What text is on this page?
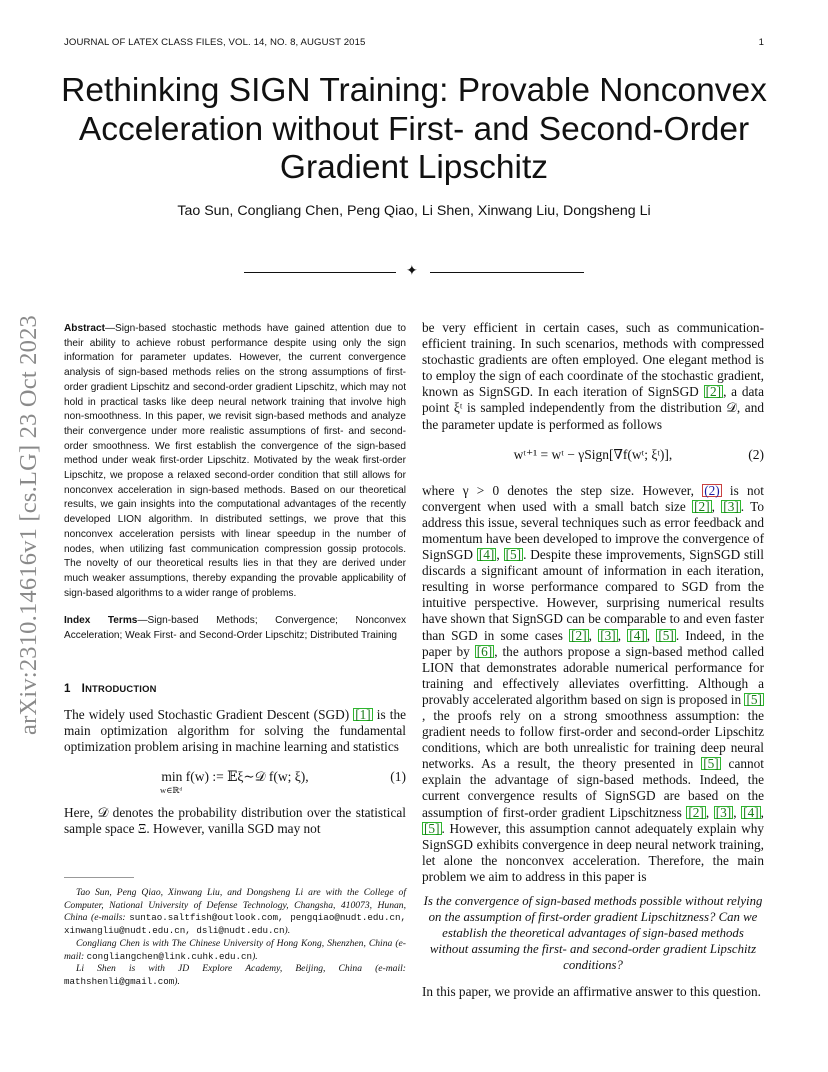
JOURNAL OF LATEX CLASS FILES, VOL. 14, NO. 8, AUGUST 2015	1
Rethinking SIGN Training: Provable Nonconvex Acceleration without First- and Second-Order Gradient Lipschitz
Tao Sun, Congliang Chen, Peng Qiao, Li Shen, Xinwang Liu, Dongsheng Li
✦
arXiv:2310.14616v1 [cs.LG] 23 Oct 2023 Abstract—Sign-based stochastic methods have gained attention due to their ability to achieve robust performance despite using only the sign information for parameter updates. However, the current convergence analysis of sign-based methods relies on the strong assumptions of first-order gradient Lipschitz and second-order gradient Lipschitz, which may not hold in practical tasks like deep neural network training that involve high non-smoothness. In this paper, we revisit sign-based methods and analyze their convergence under more realistic assumptions of first- and second-order smoothness. We first establish the convergence of the sign-based method under weak first-order Lipschitz. Motivated by the weak first-order Lipschitz, we propose a relaxed second-order condition that still allows for nonconvex acceleration in sign-based methods. Based on our theoretical results, we gain insights into the computational advantages of the recently developed LION algorithm. In distributed settings, we prove that this nonconvex acceleration persists with linear speedup in the number of nodes, when utilizing fast communication compression gossip protocols. The novelty of our theoretical results lies in that they are derived under much weaker assumptions, thereby expanding the provable applicability of sign-based algorithms to a wider range of problems.

Index Terms—Sign-based Methods; Convergence; Nonconvex Acceleration; Weak First- and Second-Order Lipschitz; Distributed Training

1 INTRODUCTION

The widely used Stochastic Gradient Descent (SGD) [1] is the main optimization algorithm for solving the fundamental optimization problem arising in machine learning and statistics

min f(w) := 𝔼ξ∼𝒟 f(w; ξ),
w∈ℝᵈ
(1)

Here, 𝒟 denotes the probability distribution over the statistical sample space Ξ. However, vanilla SGD may not

Tao Sun, Peng Qiao, Xinwang Liu, and Dongsheng Li are with the College of Computer, National University of Defense Technology, Changsha, 410073, Hunan, China (e-mails: suntao.saltfish@outlook.com, pengqiao@nudt.edu.cn, xinwangliu@nudt.edu.cn, dsli@nudt.edu.cn).

Congliang Chen is with The Chinese University of Hong Kong, Shenzhen, China (e-mail: congliangchen@link.cuhk.edu.cn).

Li Shen is with JD Explore Academy, Beijing, China (e-mail: mathshenli@gmail.com).

be very efficient in certain cases, such as communication-efficient training. In such scenarios, methods with compressed stochastic gradients are often employed. One elegant method is to employ the sign of each coordinate of the stochastic gradient, known as SignSGD. In each iteration of SignSGD [2] , a data point ξᵗ is sampled independently from the distribution 𝒟, and the parameter update is performed as follows

wᵗ⁺¹ = wᵗ − γSign[∇f(wᵗ; ξᵗ)],	(2)

where γ > 0 denotes the step size. However, (2) is not convergent when used with a small batch size [2] , [3] . To address this issue, several techniques such as error feedback and momentum have been developed to improve the convergence of SignSGD [4] , [5] . Despite these improvements, SignSGD still discards a significant amount of information in each iteration, resulting in worse performance compared to SGD from the intuitive perspective. However, surprising numerical results have shown that SignSGD can be comparable to and even faster than SGD in some cases [2] , [3] , [4] , [5] . Indeed, in the paper by [6] , the authors propose a sign-based method called LION that demonstrates adorable numerical performance for training and effectively alleviates overfitting. Although a provably accelerated algorithm based on sign is proposed in [5], the proofs rely on a strong smoothness assumption: the gradient needs to follow first-order and second-order Lipschitz conditions, which are both unrealistic for training deep neural networks. As a result, the theory presented in [5] cannot explain the advantage of sign-based methods. Indeed, the current convergence results of SignSGD are based on the assumption of first-order gradient Lipschitzness [2] , [3] , [4] , [5] . However, this assumption cannot adequately explain why SignSGD exhibits convergence in deep neural network training, let alone the nonconvex acceleration. Therefore, the main problem we aim to address in this paper is

Is the convergence of sign-based methods possible without relying on the assumption of first-order gradient Lipschitzness? Can we establish the theoretical advantages of sign-based methods without assuming the first- and second-order gradient Lipschitz conditions?

In this paper, we provide an affirmative answer to this question.
